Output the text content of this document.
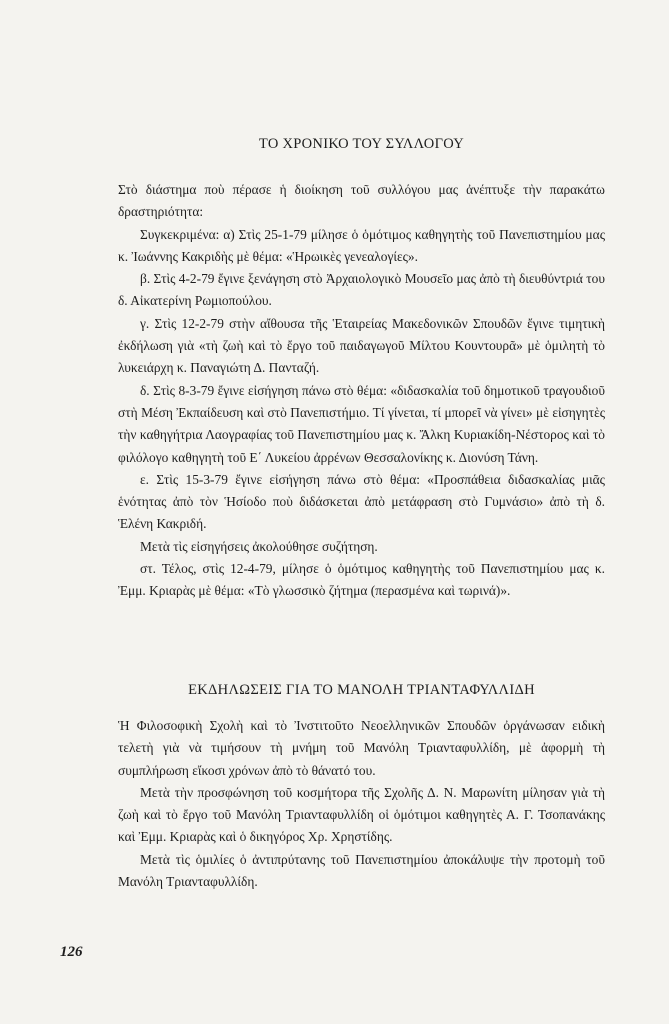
ΤΟ ΧΡΟΝΙΚΟ ΤΟΥ ΣΥΛΛΟΓΟΥ

Στὸ διάστημα ποὺ πέρασε ἡ διοίκηση τοῦ συλλόγου μας ἀνέπτυξε τὴν παρακάτω δραστηριότητα:

Συγκεκριμένα: α) Στὶς 25-1-79 μίλησε ὁ ὁμότιμος καθηγητὴς τοῦ Πανεπιστημίου μας κ. Ἰωάννης Κακριδὴς μὲ θέμα: «Ἡρωικὲς γενεαλογίες».

β. Στὶς 4-2-79 ἔγινε ξενάγηση στὸ Ἀρχαιολογικὸ Μουσεῖο μας ἀπὸ τὴ διευθύντριά του δ. Αἰκατερίνη Ρωμιοπούλου.

γ. Στὶς 12-2-79 στὴν αἴθουσα τῆς Ἑταιρείας Μακεδονικῶν Σπουδῶν ἔγινε τιμητικὴ ἐκδήλωση γιὰ «τὴ ζωὴ καὶ τὸ ἔργο τοῦ παιδαγωγοῦ Μίλτου Κουντουρᾶ» μὲ ὁμιλητὴ τὸ λυκειάρχη κ. Παναγιώτη Δ. Πανταζή.

δ. Στὶς 8-3-79 ἔγινε εἰσήγηση πάνω στὸ θέμα: «διδασκαλία τοῦ δημοτικοῦ τραγουδιοῦ στὴ Μέση Ἐκπαίδευση καὶ στὸ Πανεπιστήμιο. Τί γίνεται, τί μπορεῖ νὰ γίνει» μὲ εἰσηγητὲς τὴν καθηγήτρια Λαογραφίας τοῦ Πανεπιστημίου μας κ. Ἄλκη Κυριακίδη-Νέστορος καὶ τὸ φιλόλογο καθηγητὴ τοῦ Ε΄ Λυκείου ἀρρένων Θεσσαλονίκης κ. Διονύση Τάνη.

ε. Στὶς 15-3-79 ἔγινε εἰσήγηση πάνω στὸ θέμα: «Προσπάθεια διδασκαλίας μιᾶς ἑνότητας ἀπὸ τὸν Ἡσίοδο ποὺ διδάσκεται ἀπὸ μετάφραση στὸ Γυμνάσιο» ἀπὸ τὴ δ. Ἑλένη Κακριδή.

Μετὰ τὶς εἰσηγήσεις ἀκολούθησε συζήτηση.

στ. Τέλος, στὶς 12-4-79, μίλησε ὁ ὁμότιμος καθηγητὴς τοῦ Πανεπιστημίου μας κ. Ἐμμ. Κριαρὰς μὲ θέμα: «Τὸ γλωσσικὸ ζήτημα (περασμένα καὶ τωρινά)».

ΕΚΔΗΛΩΣΕΙΣ ΓΙΑ ΤΟ ΜΑΝΟΛΗ ΤΡΙΑΝΤΑΦΥΛΛΙΔΗ

Ἡ Φιλοσοφικὴ Σχολὴ καὶ τὸ Ἰνστιτοῦτο Νεοελληνικῶν Σπουδῶν ὀργάνωσαν ειδικὴ τελετὴ γιὰ νὰ τιμήσουν τὴ μνήμη τοῦ Μανόλη Τριανταφυλλίδη, μὲ ἀφορμὴ τὴ συμπλήρωση εἴκοσι χρόνων ἀπὸ τὸ θάνατό του.

Μετὰ τὴν προσφώνηση τοῦ κοσμήτορα τῆς Σχολῆς Δ. Ν. Μαρωνίτη μίλησαν γιὰ τὴ ζωὴ καὶ τὸ ἔργο τοῦ Μανόλη Τριανταφυλλίδη οἱ ὁμότιμοι καθηγητὲς Α. Γ. Τσοπανάκης καὶ Ἐμμ. Κριαρὰς καὶ ὁ δικηγόρος Χρ. Χρηστίδης.

Μετὰ τὶς ὁμιλίες ὁ ἀντιπρύτανης τοῦ Πανεπιστημίου ἀποκάλυψε τὴν προτομὴ τοῦ Μανόλη Τριανταφυλλίδη.

126
